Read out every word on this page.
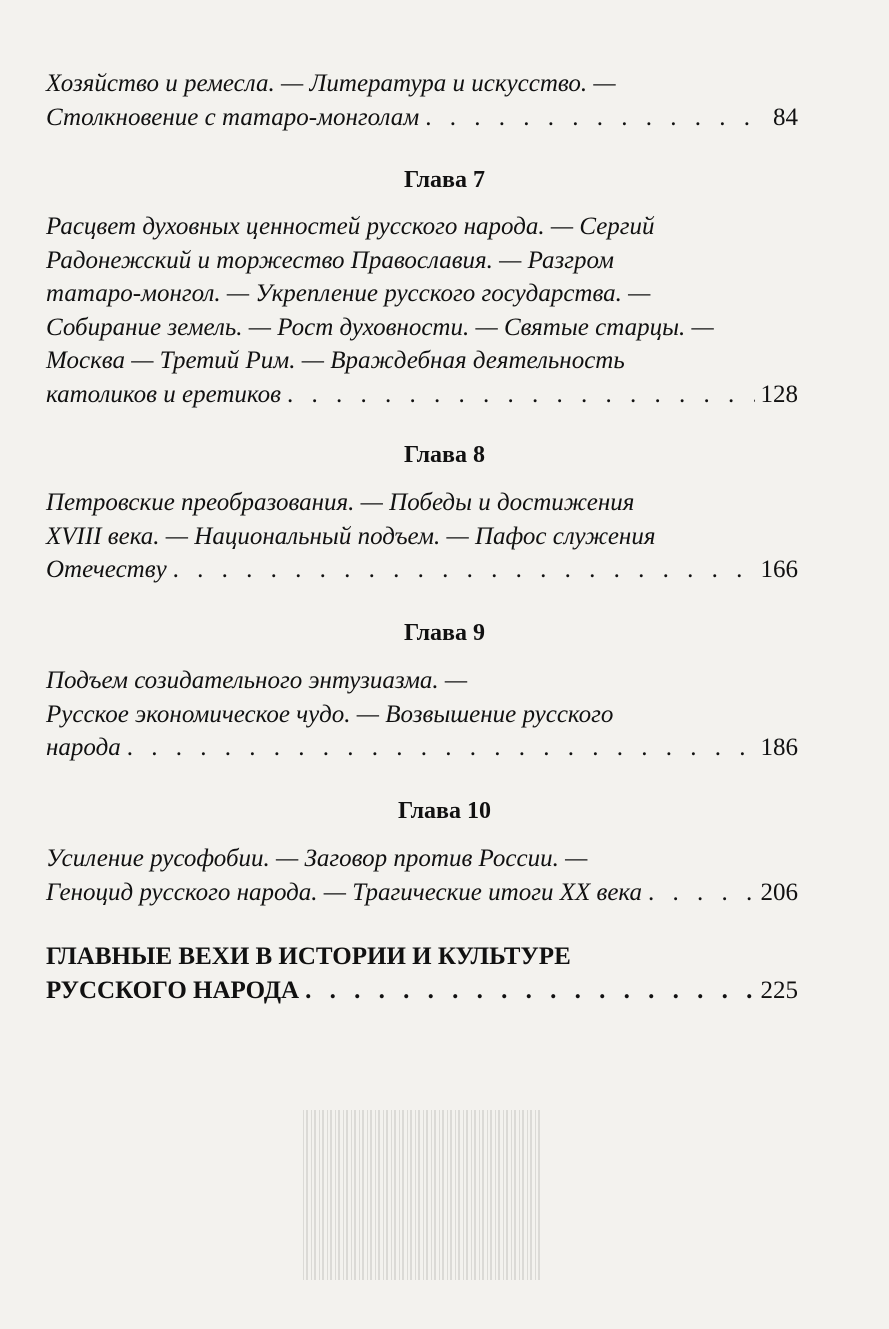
Хозяйство и ремесла. — Литература и искусство. —
Столкновение с татаро-монголам . . .	84
Глава 7
Расцвет духовных ценностей русского народа. — Сергий
Радонежский и торжество Православия. — Разгром
татаро-монгол. — Укрепление русского государства. —
Собирание земель. — Рост духовности. — Святые старцы. —
Москва — Третий Рим. — Враждебная деятельность
католиков и еретиков . . .	128
Глава 8
Петровские преобразования. — Победы и достижения
XVIII века. — Национальный подъем. — Пафос служения
Отечеству . . .	166
Глава 9
Подъем созидательного энтузиазма. —
Русское экономическое чудо. — Возвышение русского
народа . . .	186
Глава 10
Усиление русофобии. — Заговор против России. —
Геноцид русского народа. — Трагические итоги XX века . . .	206
ГЛАВНЫЕ ВЕХИ В ИСТОРИИ И КУЛЬТУРЕ
РУССКОГО НАРОДА . . .	225
